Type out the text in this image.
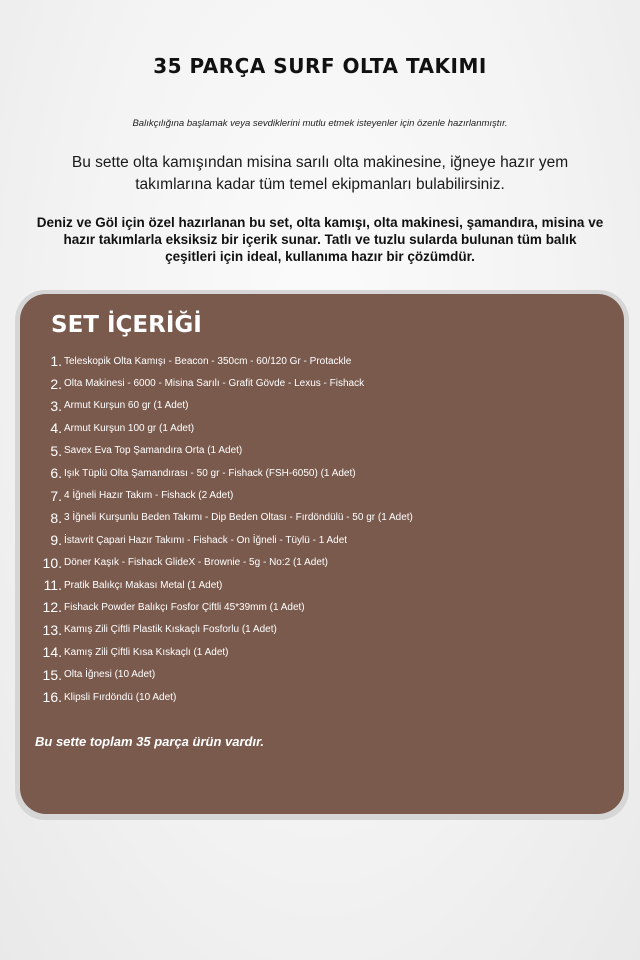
35 PARÇA SURF OLTA TAKIMI
Balıkçılığına başlamak veya sevdiklerini mutlu etmek isteyenler için özenle hazırlanmıştır.
Bu sette olta kamışından misina sarılı olta makinesine, iğneye hazır yem
takımlarına kadar tüm temel ekipmanları bulabilirsiniz.
Deniz ve Göl için özel hazırlanan bu set, olta kamışı, olta makinesi, şamandıra, misina ve
hazır takımlarla eksiksiz bir içerik sunar. Tatlı ve tuzlu sularda bulunan tüm balık
çeşitleri için ideal, kullanıma hazır bir çözümdür.
SET İÇERİĞİ
1. Teleskopik Olta Kamışı - Beacon - 350cm - 60/120 Gr - Protackle
2. Olta Makinesi - 6000 - Misina Sarılı - Grafit Gövde - Lexus - Fishack
3. Armut Kurşun 60 gr (1 Adet)
4. Armut Kurşun 100 gr (1 Adet)
5. Savex Eva Top Şamandıra Orta (1 Adet)
6. Işık Tüplü Olta Şamandırası - 50 gr - Fishack (FSH-6050) (1 Adet)
7. 4 İğneli Hazır Takım - Fishack (2 Adet)
8. 3 İğneli Kurşunlu Beden Takımı - Dip Beden Oltası - Fırdöndülü - 50 gr (1 Adet)
9. İstavrit Çapari Hazır Takımı - Fishack - On İğneli - Tüylü - 1 Adet
10. Döner Kaşık - Fishack GlideX - Brownie - 5g - No:2 (1 Adet)
11. Pratik Balıkçı Makası Metal (1 Adet)
12. Fishack Powder Balıkçı Fosfor Çiftli 45*39mm (1 Adet)
13. Kamış Zili Çiftli Plastik Kıskaçlı Fosforlu (1 Adet)
14. Kamış Zili Çiftli Kısa Kıskaçlı (1 Adet)
15. Olta İğnesi (10 Adet)
16. Klipsli Fırdöndü (10 Adet)
Bu sette toplam 35 parça ürün vardır.
